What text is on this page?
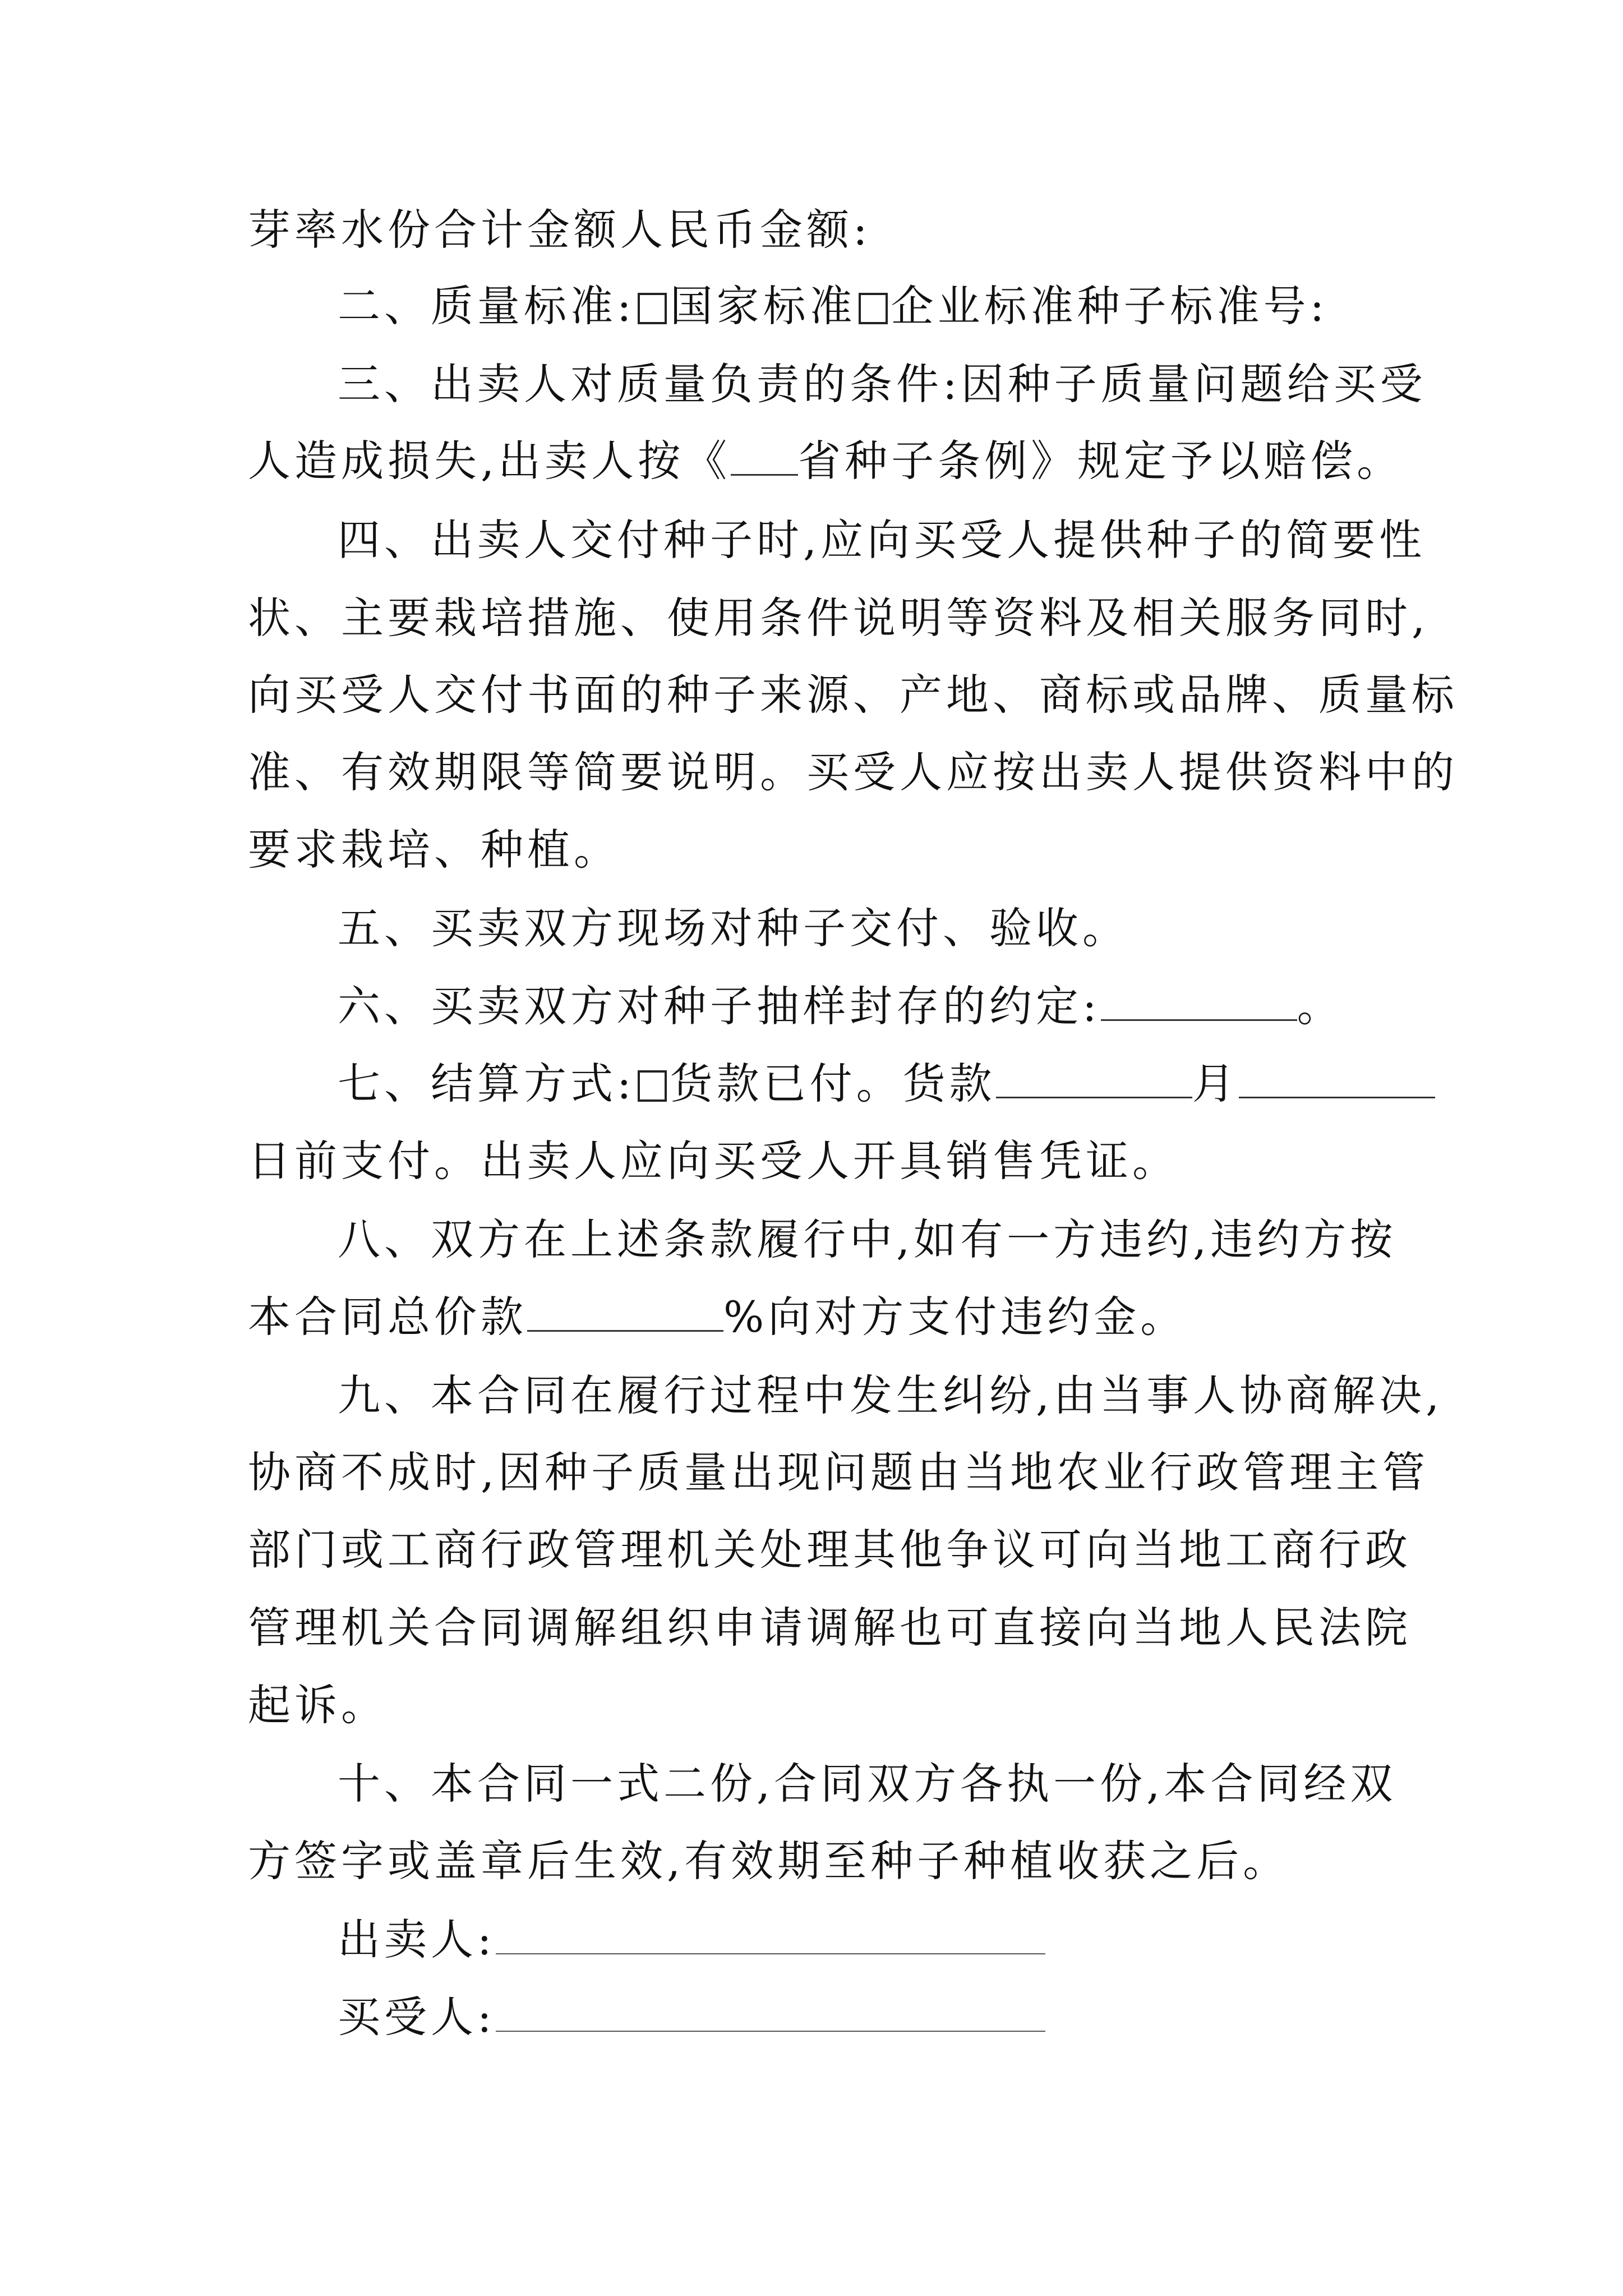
芽率水份合计金额人民币金额:
二、质量标准: 国家标准 企业标准种子标准号:
三、出卖人对质量负责的条件:因种子质量问题给买受
人造成损失,出卖人按《 省种子条例》规定予以赔偿。
四、出卖人交付种子时,应向买受人提供种子的简要性
状、主要栽培措施、使用条件说明等资料及相关服务同时,
向买受人交付书面的种子来源、产地、商标或品牌、质量标
准、有效期限等简要说明。买受人应按出卖人提供资料中的
要求栽培、种植。
五、买卖双方现场对种子交付、验收。
六、买卖双方对种子抽样封存的约定:	。
七、结算方式: 货款已付。货款	月
日前支付。出卖人应向买受人开具销售凭证。
八、双方在上述条款履行中,如有一方违约,违约方按
本合同总价款	%向对方支付违约金。
九、本合同在履行过程中发生纠纷,由当事人协商解决,
协商不成时,因种子质量出现问题由当地农业行政管理主管
部门或工商行政管理机关处理其他争议可向当地工商行政
管理机关合同调解组织申请调解也可直接向当地人民法院
起诉。
十、本合同一式二份,合同双方各执一份,本合同经双
方签字或盖章后生效,有效期至种子种植收获之后。
出卖人:
买受人:
